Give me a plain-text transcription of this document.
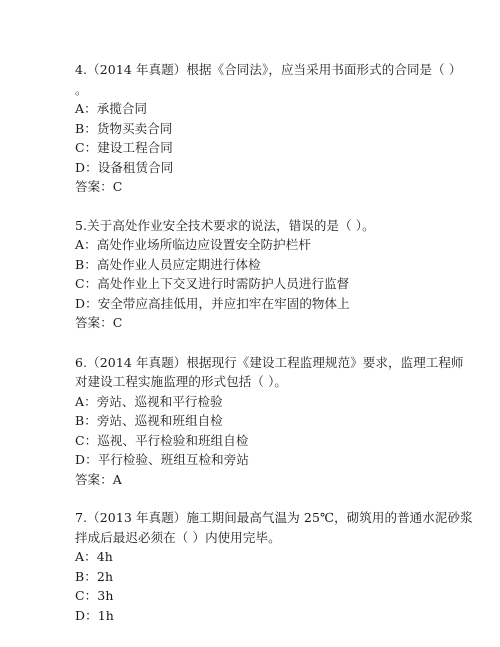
4.（2014 年真题）根据《合同法》，应当采用书面形式的合同是（ ）
。
A：承揽合同
B：货物买卖合同
C：建设工程合同
D：设备租赁合同
答案：C
5.关于高处作业安全技术要求的说法，错误的是（ ）。
A：高处作业场所临边应设置安全防护栏杆
B：高处作业人员应定期进行体检
C：高处作业上下交叉进行时需防护人员进行监督
D：安全带应高挂低用，并应扣牢在牢固的物体上
答案：C
6.（2014 年真题）根据现行《建设工程监理规范》要求，监理工程师
对建设工程实施监理的形式包括（ ）。
A：旁站、巡视和平行检验
B：旁站、巡视和班组自检
C：巡视、平行检验和班组自检
D：平行检验、班组互检和旁站
答案：A
7.（2013 年真题）施工期间最高气温为 25℃，砌筑用的普通水泥砂浆
拌成后最迟必须在（ ）内使用完毕。
A：4h
B：2h
C：3h
D：1h
